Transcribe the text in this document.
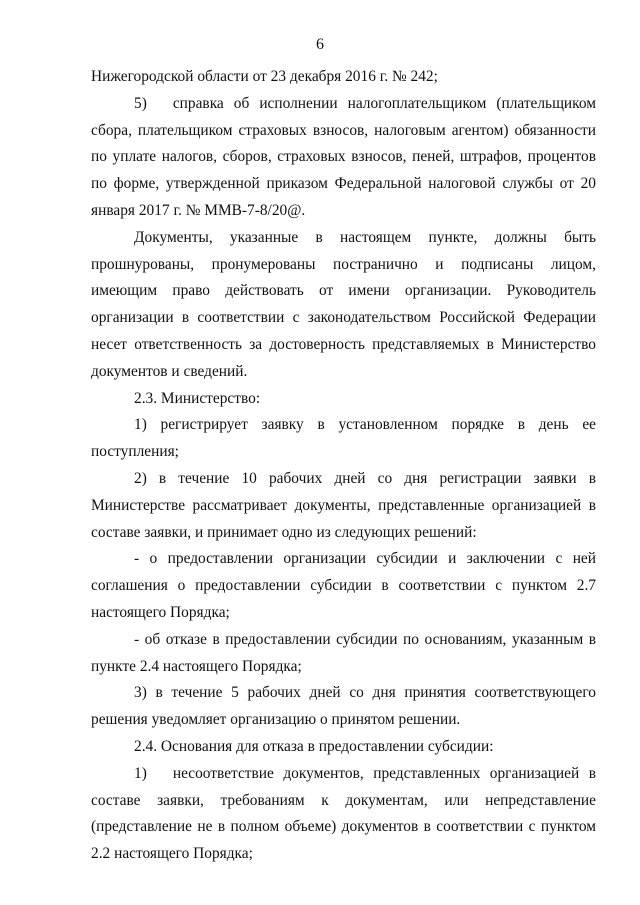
6

Нижегородской области от 23 декабря 2016 г. № 242;

5) справка об исполнении налогоплательщиком (плательщиком сбора, плательщиком страховых взносов, налоговым агентом) обязанности по уплате налогов, сборов, страховых взносов, пеней, штрафов, процентов по форме, утвержденной приказом Федеральной налоговой службы от 20 января 2017 г. № ММВ-7-8/20@.

Документы, указанные в настоящем пункте, должны быть прошнурованы, пронумерованы постранично и подписаны лицом, имеющим право действовать от имени организации. Руководитель организации в соответствии с законодательством Российской Федерации несет ответственность за достоверность представляемых в Министерство документов и сведений.

2.3. Министерство:

1) регистрирует заявку в установленном порядке в день ее поступления;

2) в течение 10 рабочих дней со дня регистрации заявки в Министерстве рассматривает документы, представленные организацией в составе заявки, и принимает одно из следующих решений:

- о предоставлении организации субсидии и заключении с ней соглашения о предоставлении субсидии в соответствии с пунктом 2.7 настоящего Порядка;

- об отказе в предоставлении субсидии по основаниям, указанным в пункте 2.4 настоящего Порядка;

3) в течение 5 рабочих дней со дня принятия соответствующего решения уведомляет организацию о принятом решении.

2.4. Основания для отказа в предоставлении субсидии:

1) несоответствие документов, представленных организацией в составе заявки, требованиям к документам, или непредставление (представление не в полном объеме) документов в соответствии с пунктом 2.2 настоящего Порядка;
